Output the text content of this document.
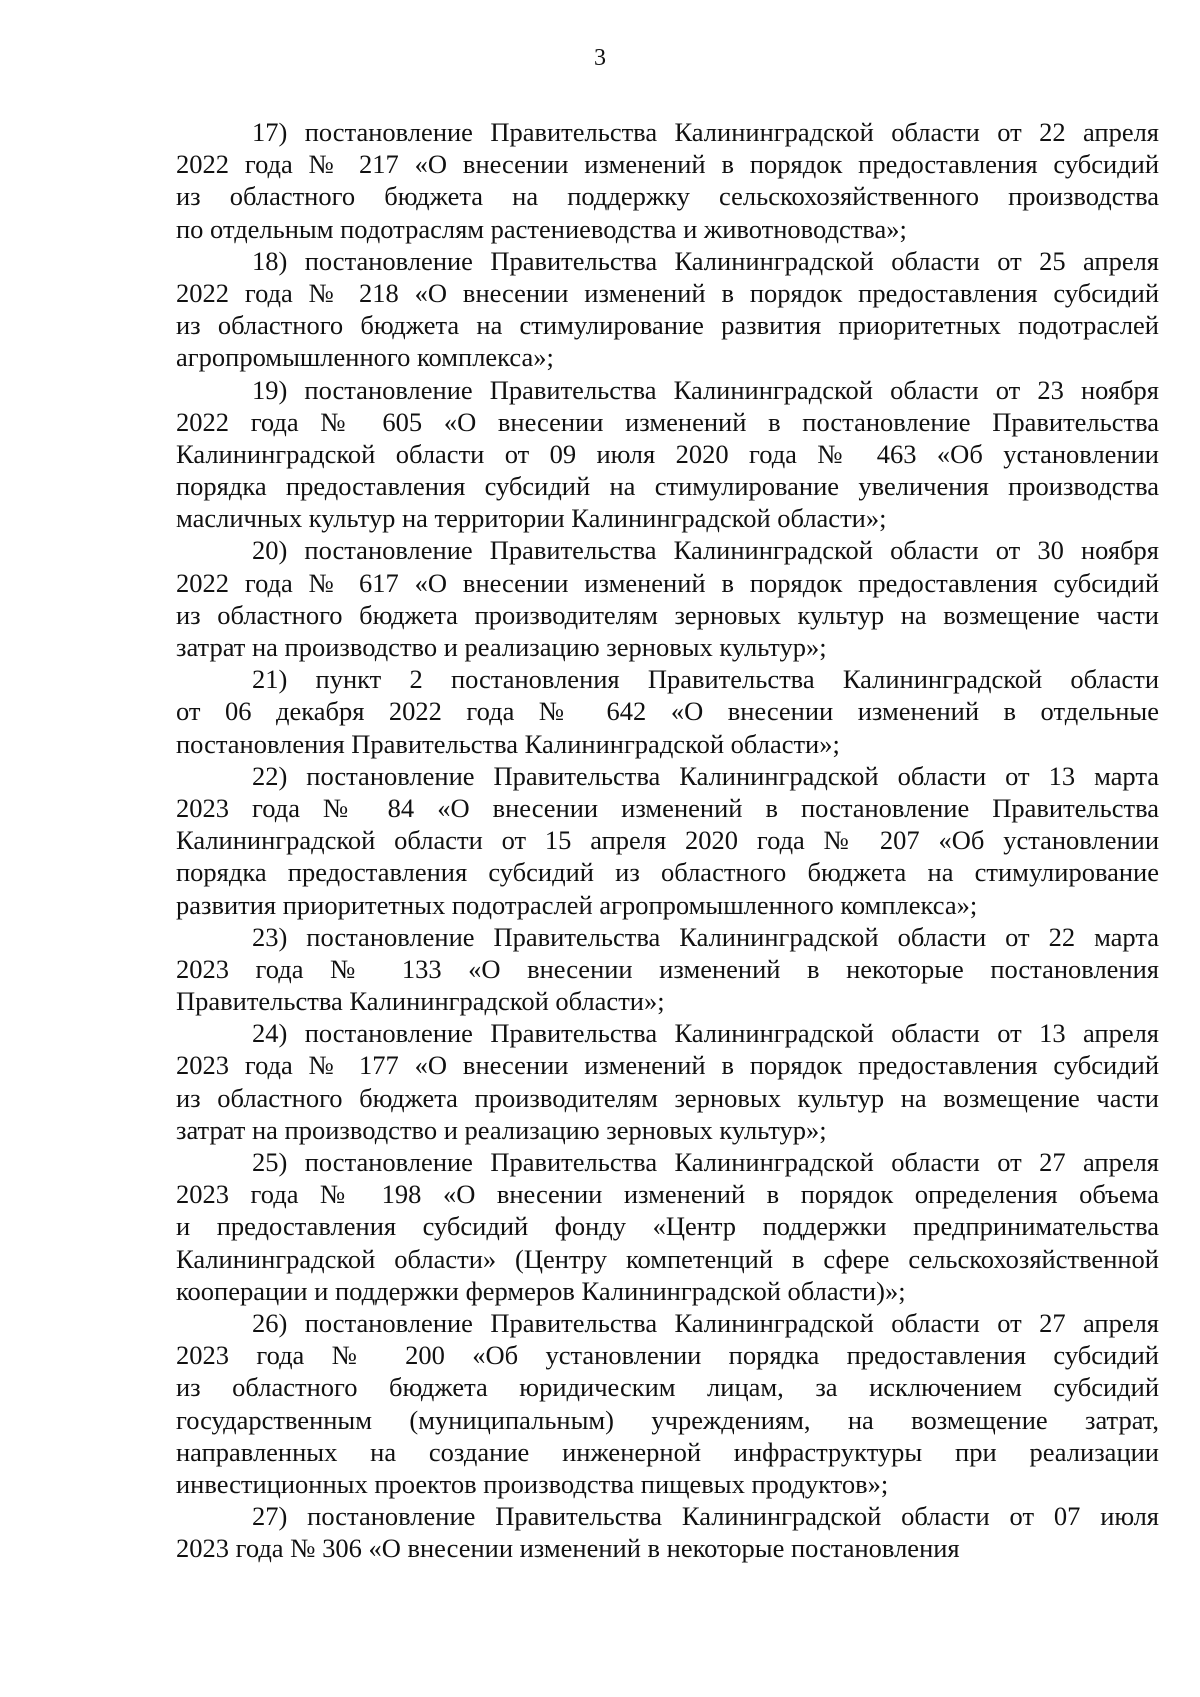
3
17) постановление Правительства Калининградской области от 22 апреля
2022 года № 217 «О внесении изменений в порядок предоставления субсидий
из областного бюджета на поддержку сельскохозяйственного производства
по отдельным подотраслям растениеводства и животноводства»;
18) постановление Правительства Калининградской области от 25 апреля
2022 года № 218 «О внесении изменений в порядок предоставления субсидий
из областного бюджета на стимулирование развития приоритетных подотраслей
агропромышленного комплекса»;
19) постановление Правительства Калининградской области от 23 ноября
2022 года № 605 «О внесении изменений в постановление Правительства
Калининградской области от 09 июля 2020 года № 463 «Об установлении
порядка предоставления субсидий на стимулирование увеличения производства
масличных культур на территории Калининградской области»;
20) постановление Правительства Калининградской области от 30 ноября
2022 года № 617 «О внесении изменений в порядок предоставления субсидий
из областного бюджета производителям зерновых культур на возмещение части
затрат на производство и реализацию зерновых культур»;
21) пункт 2 постановления Правительства Калининградской области
от 06 декабря 2022 года № 642 «О внесении изменений в отдельные
постановления Правительства Калининградской области»;
22) постановление Правительства Калининградской области от 13 марта
2023 года № 84 «О внесении изменений в постановление Правительства
Калининградской области от 15 апреля 2020 года № 207 «Об установлении
порядка предоставления субсидий из областного бюджета на стимулирование
развития приоритетных подотраслей агропромышленного комплекса»;
23) постановление Правительства Калининградской области от 22 марта
2023 года № 133 «О внесении изменений в некоторые постановления
Правительства Калининградской области»;
24) постановление Правительства Калининградской области от 13 апреля
2023 года № 177 «О внесении изменений в порядок предоставления субсидий
из областного бюджета производителям зерновых культур на возмещение части
затрат на производство и реализацию зерновых культур»;
25) постановление Правительства Калининградской области от 27 апреля
2023 года № 198 «О внесении изменений в порядок определения объема
и предоставления субсидий фонду «Центр поддержки предпринимательства
Калининградской области» (Центру компетенций в сфере сельскохозяйственной
кооперации и поддержки фермеров Калининградской области)»;
26) постановление Правительства Калининградской области от 27 апреля
2023 года № 200 «Об установлении порядка предоставления субсидий
из областного бюджета юридическим лицам, за исключением субсидий
государственным (муниципальным) учреждениям, на возмещение затрат,
направленных на создание инженерной инфраструктуры при реализации
инвестиционных проектов производства пищевых продуктов»;
27) постановление Правительства Калининградской области от 07 июля
2023 года № 306 «О внесении изменений в некоторые постановления
